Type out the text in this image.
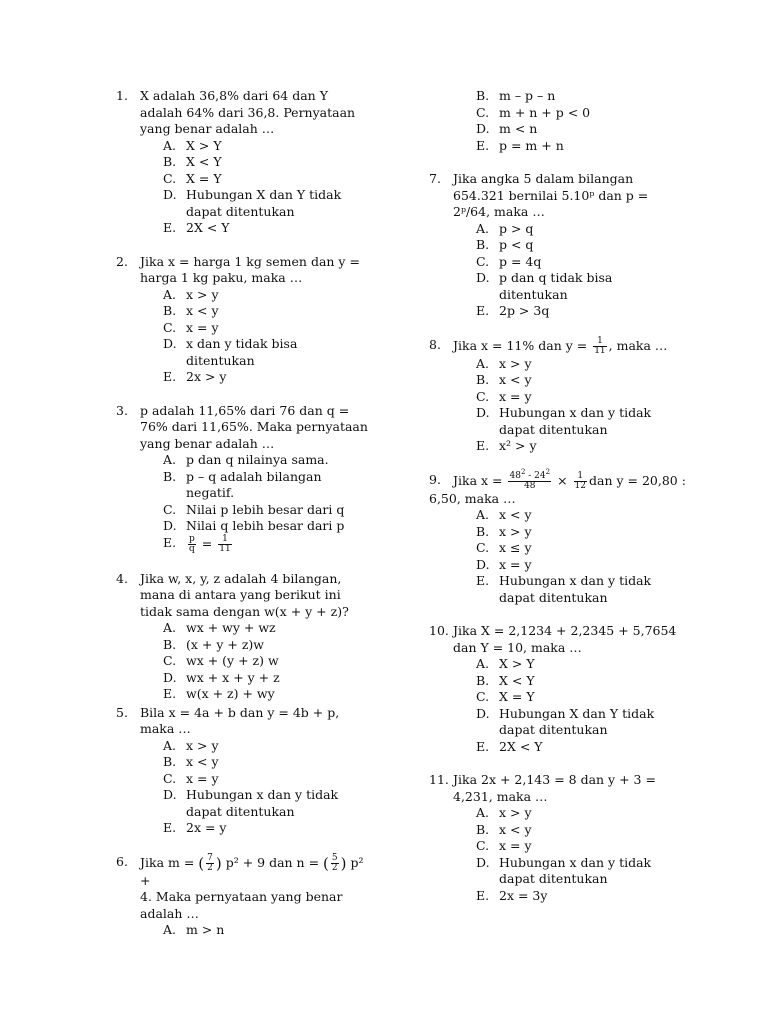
1. X adalah 36,8% dari 64 dan Y
adalah 64% dari 36,8. Pernyataan
yang benar adalah …
A. X > Y
B. X < Y
C. X = Y
D. Hubungan X dan Y tidak
dapat ditentukan
E. 2X < Y
2. Jika x = harga 1 kg semen dan y =
harga 1 kg paku, maka …
A. x > y
B. x < y
C. x = y
D. x dan y tidak bisa
ditentukan
E. 2x > y
3. p adalah 11,65% dari 76 dan q =
76% dari 11,65%. Maka pernyataan
yang benar adalah …
A. p dan q nilainya sama.
B. p – q adalah bilangan
negatif.
C. Nilai p lebih besar dari q
D. Nilai q lebih besar dari p
E. $\frac{p}{q} = \frac{1}{11}$
4. Jika w, x, y, z adalah 4 bilangan,
mana di antara yang berikut ini
tidak sama dengan w(x + y + z)?
A. wx + wy + wz
B. (x + y + z)w
C. wx + (y + z) w
D. wx + x + y + z
E. w(x + z) + wy
5. Bila x = 4a + b dan y = 4b + p,
maka …
A. x > y
B. x < y
C. x = y
D. Hubungan x dan y tidak
dapat ditentukan
E. 2x = y
6. Jika m = ( $\frac{7}{2}$ ) p² + 9 dan n = ( $\frac{5}{2}$ ) p² +
4. Maka pernyataan yang benar
adalah …
A. m > n
B. m – p – n
C. m + n + p < 0
D. m < n
E. p = m + n
7. Jika angka 5 dalam bilangan
654.321 bernilai 5.10ᵖ dan p =
2ᵖ/64, maka …
A. p > q
B. p < q
C. p = 4q
D. p dan q tidak bisa
ditentukan
E. 2p > 3q
8. Jika x = 11% dan $y = \frac{1}{11}$ , maka …
A. x > y
B. x < y
C. x = y
D. Hubungan x dan y tidak
dapat ditentukan
E. x² > y
9. Jika $x = \frac{48^2 - 24^2}{48} \times \frac{1}{12}$ dan y = 20,80 :
6,50, maka …
A. x < y
B. x > y
C. x ≤ y
D. x = y
E. Hubungan x dan y tidak
dapat ditentukan
10. Jika X = 2,1234 + 2,2345 + 5,7654
dan Y = 10, maka …
A. X > Y
B. X < Y
C. X = Y
D. Hubungan X dan Y tidak
dapat ditentukan
E. 2X < Y
11. Jika 2x + 2,143 = 8 dan y + 3 =
4,231, maka …
A. x > y
B. x < y
C. x = y
D. Hubungan x dan y tidak
dapat ditentukan
E. 2x = 3y
